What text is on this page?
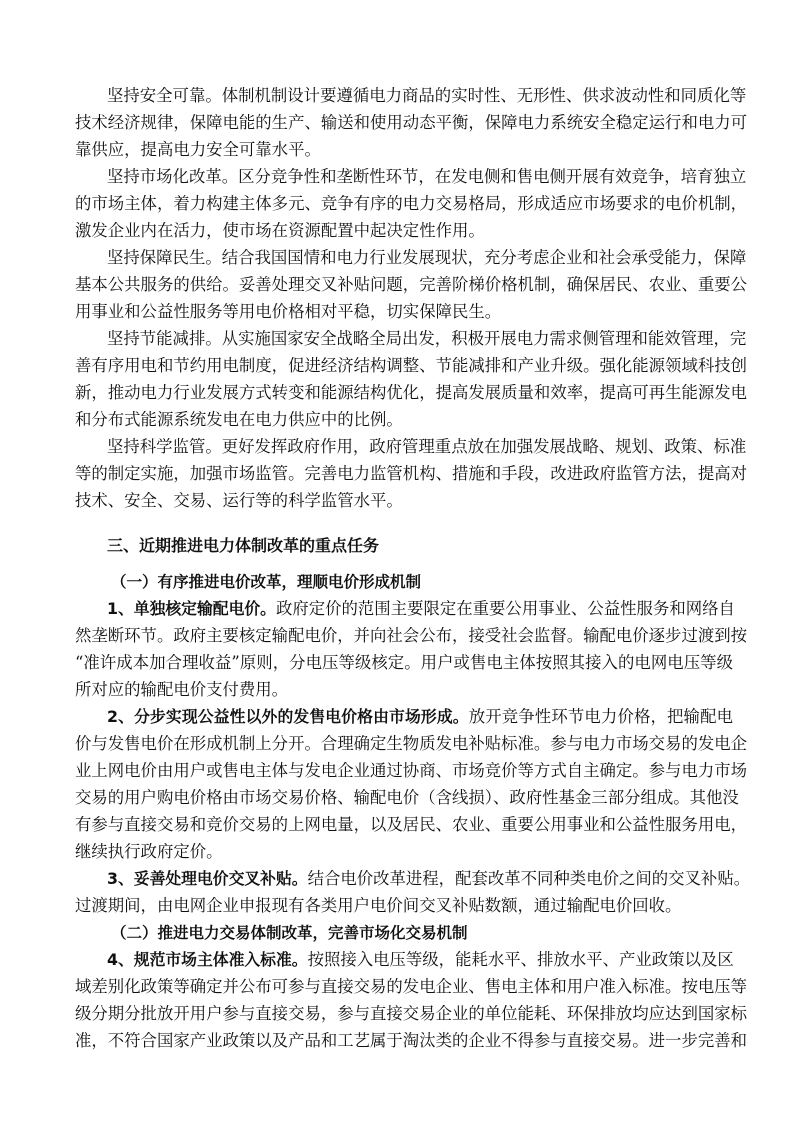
坚持安全可靠。体制机制设计要遵循电力商品的实时性、无形性、供求波动性和同质化等
技术经济规律，保障电能的生产、输送和使用动态平衡，保障电力系统安全稳定运行和电力可
靠供应，提高电力安全可靠水平。
坚持市场化改革。区分竞争性和垄断性环节，在发电侧和售电侧开展有效竞争，培育独立
的市场主体，着力构建主体多元、竞争有序的电力交易格局，形成适应市场要求的电价机制，
激发企业内在活力，使市场在资源配置中起决定性作用。
坚持保障民生。结合我国国情和电力行业发展现状，充分考虑企业和社会承受能力，保障
基本公共服务的供给。妥善处理交叉补贴问题，完善阶梯价格机制，确保居民、农业、重要公
用事业和公益性服务等用电价格相对平稳，切实保障民生。
坚持节能减排。从实施国家安全战略全局出发，积极开展电力需求侧管理和能效管理，完
善有序用电和节约用电制度，促进经济结构调整、节能减排和产业升级。强化能源领域科技创
新，推动电力行业发展方式转变和能源结构优化，提高发展质量和效率，提高可再生能源发电
和分布式能源系统发电在电力供应中的比例。
坚持科学监管。更好发挥政府作用，政府管理重点放在加强发展战略、规划、政策、标准
等的制定实施，加强市场监管。完善电力监管机构、措施和手段，改进政府监管方法，提高对
技术、安全、交易、运行等的科学监管水平。
三、近期推进电力体制改革的重点任务
（一）有序推进电价改革，理顺电价形成机制
1、单独核定输配电价。政府定价的范围主要限定在重要公用事业、公益性服务和网络自
然垄断环节。政府主要核定输配电价，并向社会公布，接受社会监督。输配电价逐步过渡到按
“准许成本加合理收益”原则，分电压等级核定。用户或售电主体按照其接入的电网电压等级
所对应的输配电价支付费用。
2、分步实现公益性以外的发售电价格由市场形成。放开竞争性环节电力价格，把输配电
价与发售电价在形成机制上分开。合理确定生物质发电补贴标准。参与电力市场交易的发电企
业上网电价由用户或售电主体与发电企业通过协商、市场竞价等方式自主确定。参与电力市场
交易的用户购电价格由市场交易价格、输配电价（含线损）、政府性基金三部分组成。其他没
有参与直接交易和竞价交易的上网电量，以及居民、农业、重要公用事业和公益性服务用电，
继续执行政府定价。
3、妥善处理电价交叉补贴。结合电价改革进程，配套改革不同种类电价之间的交叉补贴。
过渡期间，由电网企业申报现有各类用户电价间交叉补贴数额，通过输配电价回收。
（二）推进电力交易体制改革，完善市场化交易机制
4、规范市场主体准入标准。按照接入电压等级，能耗水平、排放水平、产业政策以及区
域差别化政策等确定并公布可参与直接交易的发电企业、售电主体和用户准入标准。按电压等
级分期分批放开用户参与直接交易，参与直接交易企业的单位能耗、环保排放均应达到国家标
准，不符合国家产业政策以及产品和工艺属于淘汰类的企业不得参与直接交易。进一步完善和
